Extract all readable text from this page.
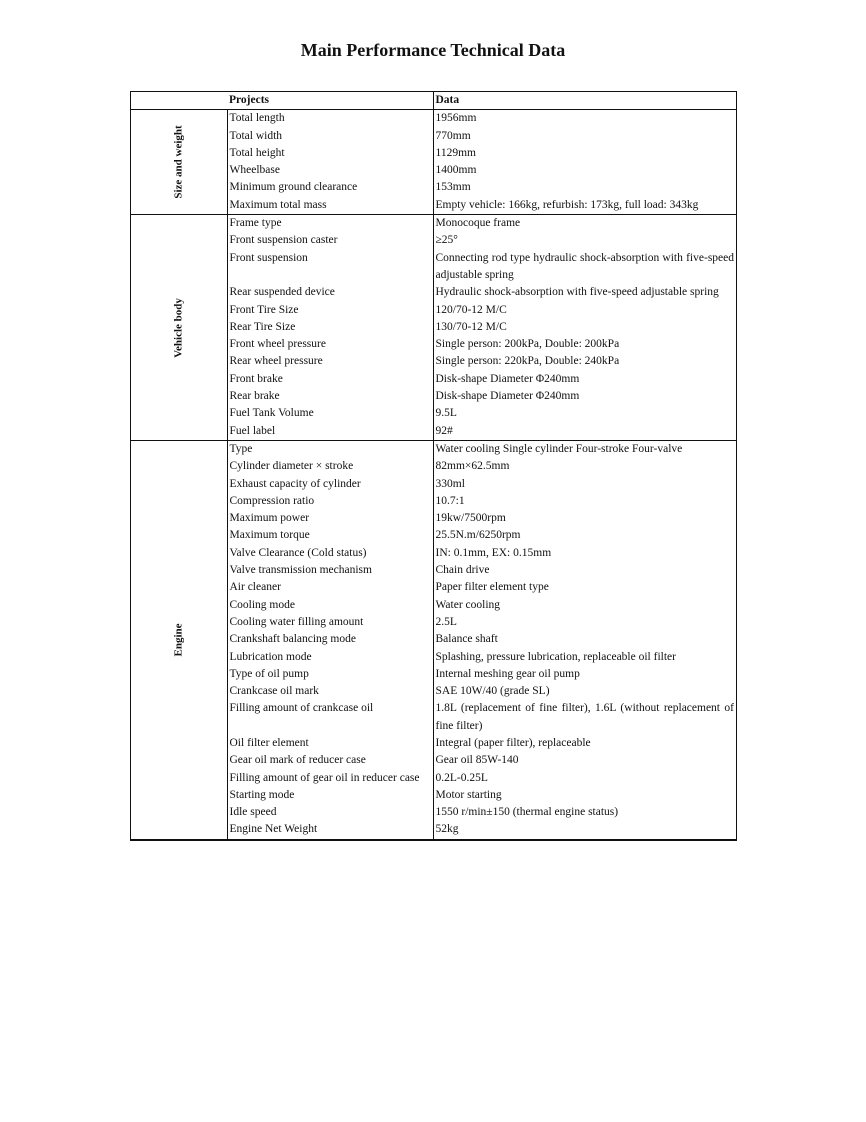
Main Performance Technical Data
	Projects	Data

Size and weight	Total length	1956mm
	Total width	770mm
	Total height	1129mm
	Wheelbase	1400mm
	Minimum ground clearance	153mm
	Maximum total mass	Empty vehicle: 166kg, refurbish: 173kg, full load: 343kg

Vehicle body	Frame type	Monocoque frame
	Front suspension caster	≥25°
	Front suspension	Connecting rod type hydraulic shock-absorption with five-speed adjustable spring
	Rear suspended device	Hydraulic shock-absorption with five-speed adjustable spring
	Front Tire Size	120/70-12 M/C
	Rear Tire Size	130/70-12 M/C
	Front wheel pressure	Single person: 200kPa, Double: 200kPa
	Rear wheel pressure	Single person: 220kPa, Double: 240kPa
	Front brake	Disk-shape Diameter Φ240mm
	Rear brake	Disk-shape Diameter Φ240mm
	Fuel Tank Volume	9.5L
	Fuel label	92#

Engine	Type	Water cooling Single cylinder Four-stroke Four-valve
	Cylinder diameter × stroke	82mm×62.5mm
	Exhaust capacity of cylinder	330ml
	Compression ratio	10.7:1
	Maximum power	19kw/7500rpm
	Maximum torque	25.5N.m/6250rpm
	Valve Clearance (Cold status)	IN: 0.1mm, EX: 0.15mm
	Valve transmission mechanism	Chain drive
	Air cleaner	Paper filter element type
	Cooling mode	Water cooling
	Cooling water filling amount	2.5L
	Crankshaft balancing mode	Balance shaft
	Lubrication mode	Splashing, pressure lubrication, replaceable oil filter
	Type of oil pump	Internal meshing gear oil pump
	Crankcase oil mark	SAE 10W/40 (grade SL)
	Filling amount of crankcase oil	1.8L (replacement of fine filter), 1.6L (without replacement of fine filter)
	Oil filter element	Integral (paper filter), replaceable
	Gear oil mark of reducer case	Gear oil 85W-140
	Filling amount of gear oil in reducer case	0.2L-0.25L
	Starting mode	Motor starting
	Idle speed	1550 r/min±150 (thermal engine status)
	Engine Net Weight	52kg
